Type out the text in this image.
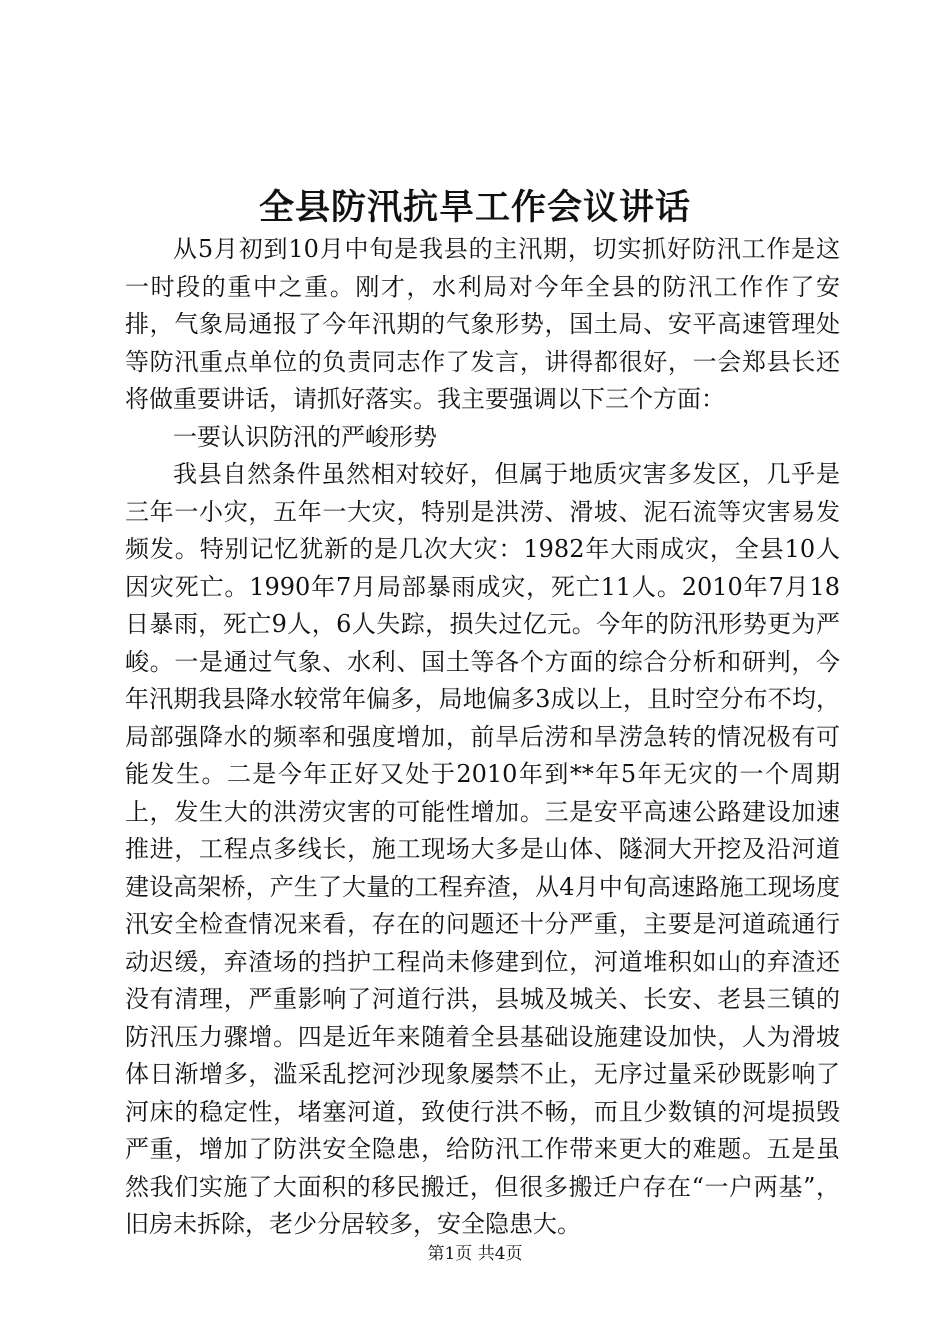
全县防汛抗旱工作会议讲话

从5月初到10月中旬是我县的主汛期，切实抓好防汛工作是这一时段的重中之重。刚才，水利局对今年全县的防汛工作作了安排，气象局通报了今年汛期的气象形势，国土局、安平高速管理处等防汛重点单位的负责同志作了发言，讲得都很好，一会郑县长还将做重要讲话，请抓好落实。我主要强调以下三个方面：

一要认识防汛的严峻形势

我县自然条件虽然相对较好，但属于地质灾害多发区，几乎是三年一小灾，五年一大灾，特别是洪涝、滑坡、泥石流等灾害易发频发。特别记忆犹新的是几次大灾：1982年大雨成灾，全县10人因灾死亡。1990年7月局部暴雨成灾，死亡11人。2010年7月18日暴雨，死亡9人，6人失踪，损失过亿元。今年的防汛形势更为严峻。一是通过气象、水利、国土等各个方面的综合分析和研判，今年汛期我县降水较常年偏多，局地偏多3成以上，且时空分布不均，局部强降水的频率和强度增加，前旱后涝和旱涝急转的情况极有可能发生。二是今年正好又处于2010年到**年5年无灾的一个周期上，发生大的洪涝灾害的可能性增加。三是安平高速公路建设加速推进，工程点多线长，施工现场大多是山体、隧洞大开挖及沿河道建设高架桥，产生了大量的工程弃渣，从4月中旬高速路施工现场度汛安全检查情况来看，存在的问题还十分严重，主要是河道疏通行动迟缓，弃渣场的挡护工程尚未修建到位，河道堆积如山的弃渣还没有清理，严重影响了河道行洪，县城及城关、长安、老县三镇的防汛压力骤增。四是近年来随着全县基础设施建设加快，人为滑坡体日渐增多，滥采乱挖河沙现象屡禁不止，无序过量采砂既影响了河床的稳定性，堵塞河道，致使行洪不畅，而且少数镇的河堤损毁严重，增加了防洪安全隐患，给防汛工作带来更大的难题。五是虽然我们实施了大面积的移民搬迁，但很多搬迁户存在“一户两基”，旧房未拆除，老少分居较多，安全隐患大。

第1页 共4页
